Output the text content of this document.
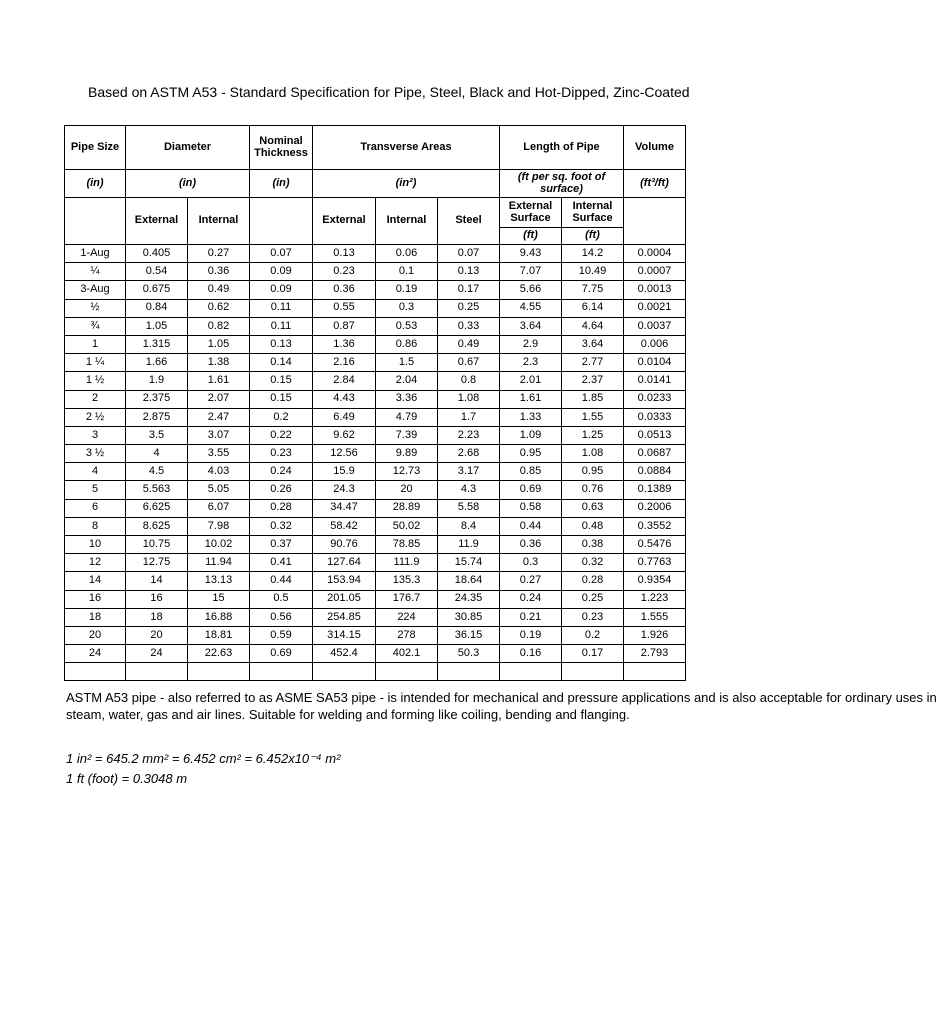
Based on ASTM A53 - Standard Specification for Pipe, Steel, Black and Hot-Dipped, Zinc-Coated
Pipe Size	Diameter		Nominal Thickness	Transverse Areas			Length of Pipe		Volume
(in)	(in)		(in)	(in²)			(ft per sq. foot of surface)		(ft³/ft)
	External	Internal		External	Internal	Steel	External Surface	Internal Surface	
							(ft)	(ft)	
1-Aug	0.405	0.27	0.07	0.13	0.06	0.07	9.43	14.2	0.0004
¼	0.54	0.36	0.09	0.23	0.1	0.13	7.07	10.49	0.0007
3-Aug	0.675	0.49	0.09	0.36	0.19	0.17	5.66	7.75	0.0013
½	0.84	0.62	0.11	0.55	0.3	0.25	4.55	6.14	0.0021
¾	1.05	0.82	0.11	0.87	0.53	0.33	3.64	4.64	0.0037
1	1.315	1.05	0.13	1.36	0.86	0.49	2.9	3.64	0.006
1 ¼	1.66	1.38	0.14	2.16	1.5	0.67	2.3	2.77	0.0104
1 ½	1.9	1.61	0.15	2.84	2.04	0.8	2.01	2.37	0.0141
2	2.375	2.07	0.15	4.43	3.36	1.08	1.61	1.85	0.0233
2 ½	2.875	2.47	0.2	6.49	4.79	1.7	1.33	1.55	0.0333
3	3.5	3.07	0.22	9.62	7.39	2.23	1.09	1.25	0.0513
3 ½	4	3.55	0.23	12.56	9.89	2.68	0.95	1.08	0.0687
4	4.5	4.03	0.24	15.9	12.73	3.17	0.85	0.95	0.0884
5	5.563	5.05	0.26	24.3	20	4.3	0.69	0.76	0.1389
6	6.625	6.07	0.28	34.47	28.89	5.58	0.58	0.63	0.2006
8	8.625	7.98	0.32	58.42	50.02	8.4	0.44	0.48	0.3552
10	10.75	10.02	0.37	90.76	78.85	11.9	0.36	0.38	0.5476
12	12.75	11.94	0.41	127.64	111.9	15.74	0.3	0.32	0.7763
14	14	13.13	0.44	153.94	135.3	18.64	0.27	0.28	0.9354
16	16	15	0.5	201.05	176.7	24.35	0.24	0.25	1.223
18	18	16.88	0.56	254.85	224	30.85	0.21	0.23	1.555
20	20	18.81	0.59	314.15	278	36.15	0.19	0.2	1.926
24	24	22.63	0.69	452.4	402.1	50.3	0.16	0.17	2.793

ASTM A53 pipe - also referred to as ASME SA53 pipe - is intended for mechanical and pressure applications and is also acceptable for ordinary uses in
steam, water, gas and air lines. Suitable for welding and forming like coiling, bending and flanging.
1 in² = 645.2 mm² = 6.452 cm² = 6.452x10⁻⁴ m²
1 ft (foot) = 0.3048 m
